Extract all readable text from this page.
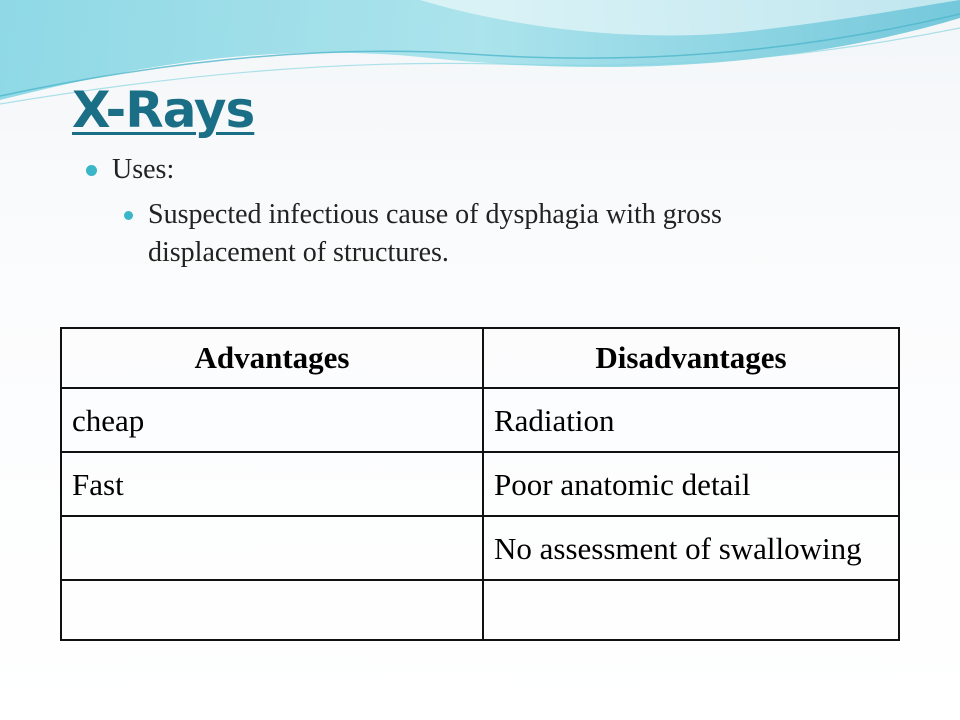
X-Rays

Uses:

Suspected infectious cause of dysphagia with gross displacement of structures.
Advantages	Disadvantages
cheap	Radiation
Fast	Poor anatomic detail
	No assessment of swallowing
